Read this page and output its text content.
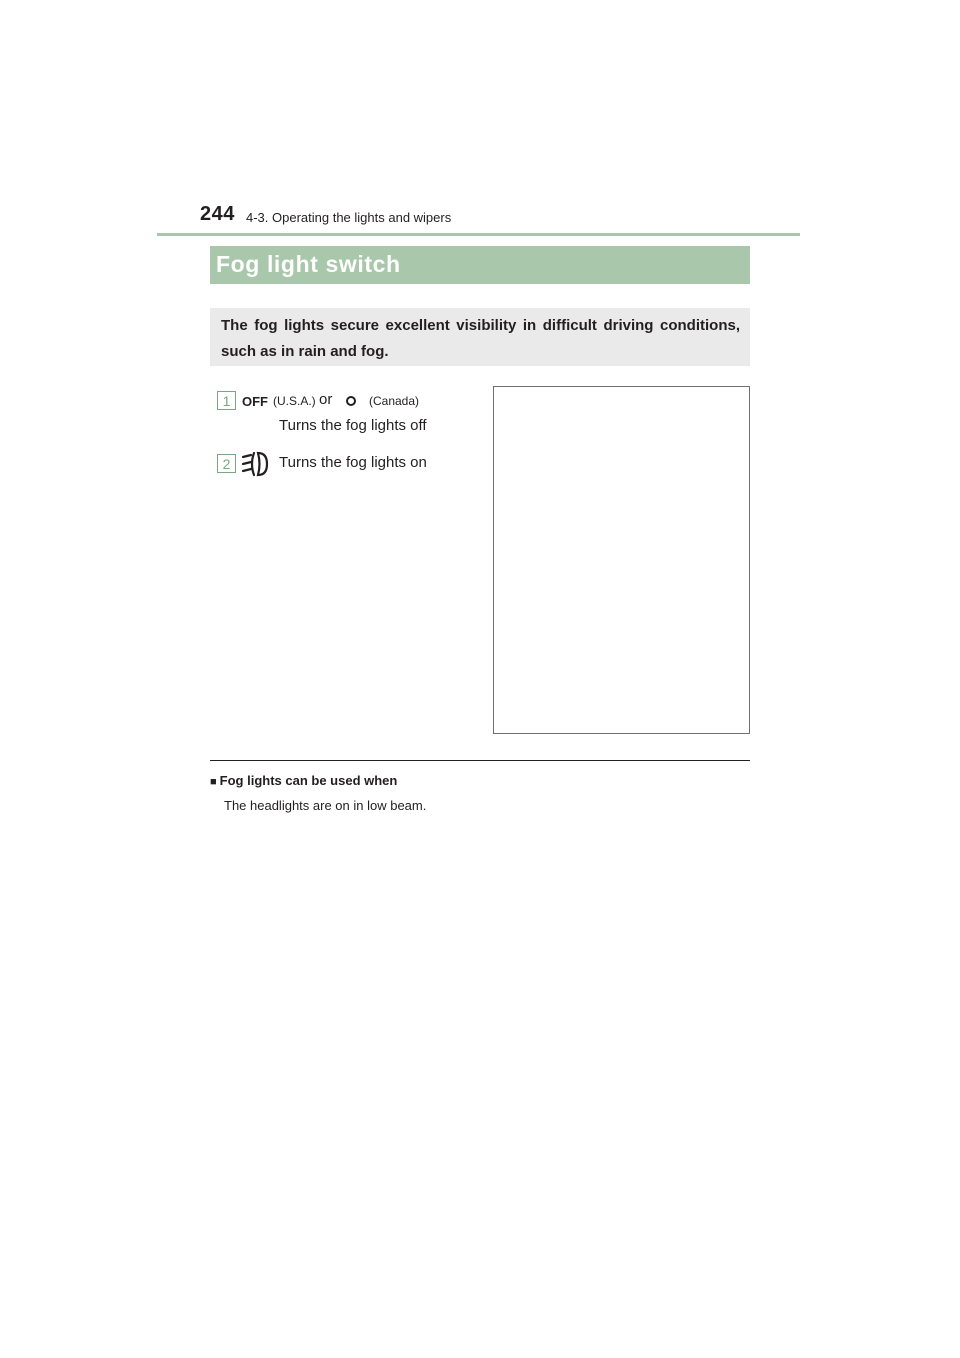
244 4-3. Operating the lights and wipers
Fog light switch
The fog lights secure excellent visibility in difficult driving conditions, such as in rain and fog.
1 OFF (U.S.A.) or	(Canada)
Turns the fog lights off
2	Turns the fog lights on
■ Fog lights can be used when
The headlights are on in low beam.
